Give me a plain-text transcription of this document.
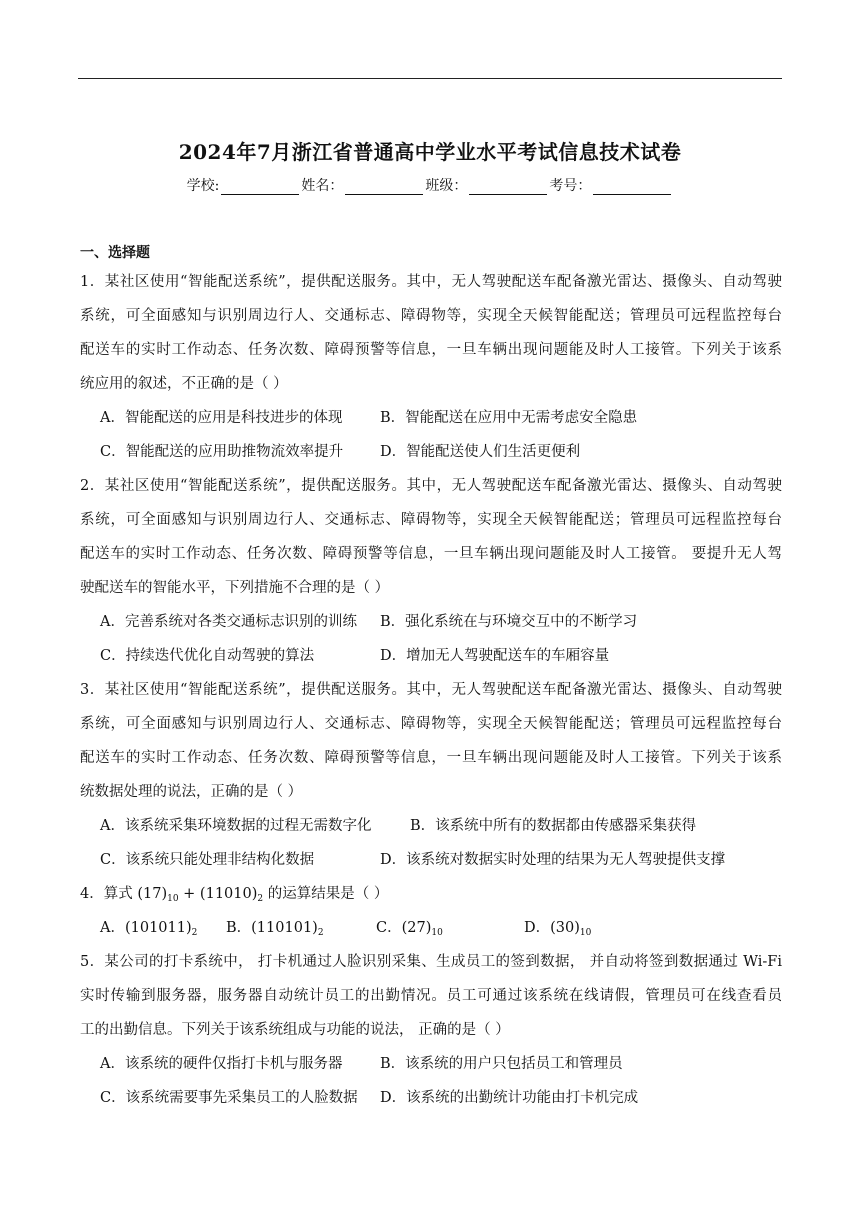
2024年7月浙江省普通高中学业水平考试信息技术试卷
学校:	姓名：	班级：	考号：
一、选择题
1．某社区使用“智能配送系统”，提供配送服务。其中，无人驾驶配送车配备激光雷达、摄像头、自动驾驶
系统，可全面感知与识别周边行人、交通标志、障碍物等，实现全天候智能配送；管理员可远程监控每台
配送车的实时工作动态、任务次数、障碍预警等信息，一旦车辆出现问题能及时人工接管。下列关于该系
统应用的叙述，不正确的是（ ）
A．智能配送的应用是科技进步的体现	B．智能配送在应用中无需考虑安全隐患
C．智能配送的应用助推物流效率提升	D．智能配送使人们生活更便利
2．某社区使用“智能配送系统”，提供配送服务。其中，无人驾驶配送车配备激光雷达、摄像头、自动驾驶
系统，可全面感知与识别周边行人、交通标志、障碍物等，实现全天候智能配送；管理员可远程监控每台
配送车的实时工作动态、任务次数、障碍预警等信息，一旦车辆出现问题能及时人工接管。 要提升无人驾
驶配送车的智能水平，下列措施不合理的是（ ）
A．完善系统对各类交通标志识别的训练	B．强化系统在与环境交互中的不断学习
C．持续迭代优化自动驾驶的算法	D．增加无人驾驶配送车的车厢容量
3．某社区使用“智能配送系统”，提供配送服务。其中，无人驾驶配送车配备激光雷达、摄像头、自动驾驶
系统，可全面感知与识别周边行人、交通标志、障碍物等，实现全天候智能配送；管理员可远程监控每台
配送车的实时工作动态、任务次数、障碍预警等信息，一旦车辆出现问题能及时人工接管。下列关于该系
统数据处理的说法，正确的是（ ）
A．该系统采集环境数据的过程无需数字化	B．该系统中所有的数据都由传感器采集获得
C．该系统只能处理非结构化数据	D．该系统对数据实时处理的结果为无人驾驶提供支撑
4．算式 $(17)_{10} + (11010)_2$ 的运算结果是（ ）
A．$(101011)_2$	B．$(110101)_2$	C．$(27)_{10}$	D．$(30)_{10}$
5．某公司的打卡系统中， 打卡机通过人脸识别采集、生成员工的签到数据， 并自动将签到数据通过 Wi-Fi
实时传输到服务器，服务器自动统计员工的出勤情况。员工可通过该系统在线请假，管理员可在线查看员
工的出勤信息。下列关于该系统组成与功能的说法， 正确的是（ ）
A．该系统的硬件仅指打卡机与服务器	B．该系统的用户只包括员工和管理员
C．该系统需要事先采集员工的人脸数据	D．该系统的出勤统计功能由打卡机完成
